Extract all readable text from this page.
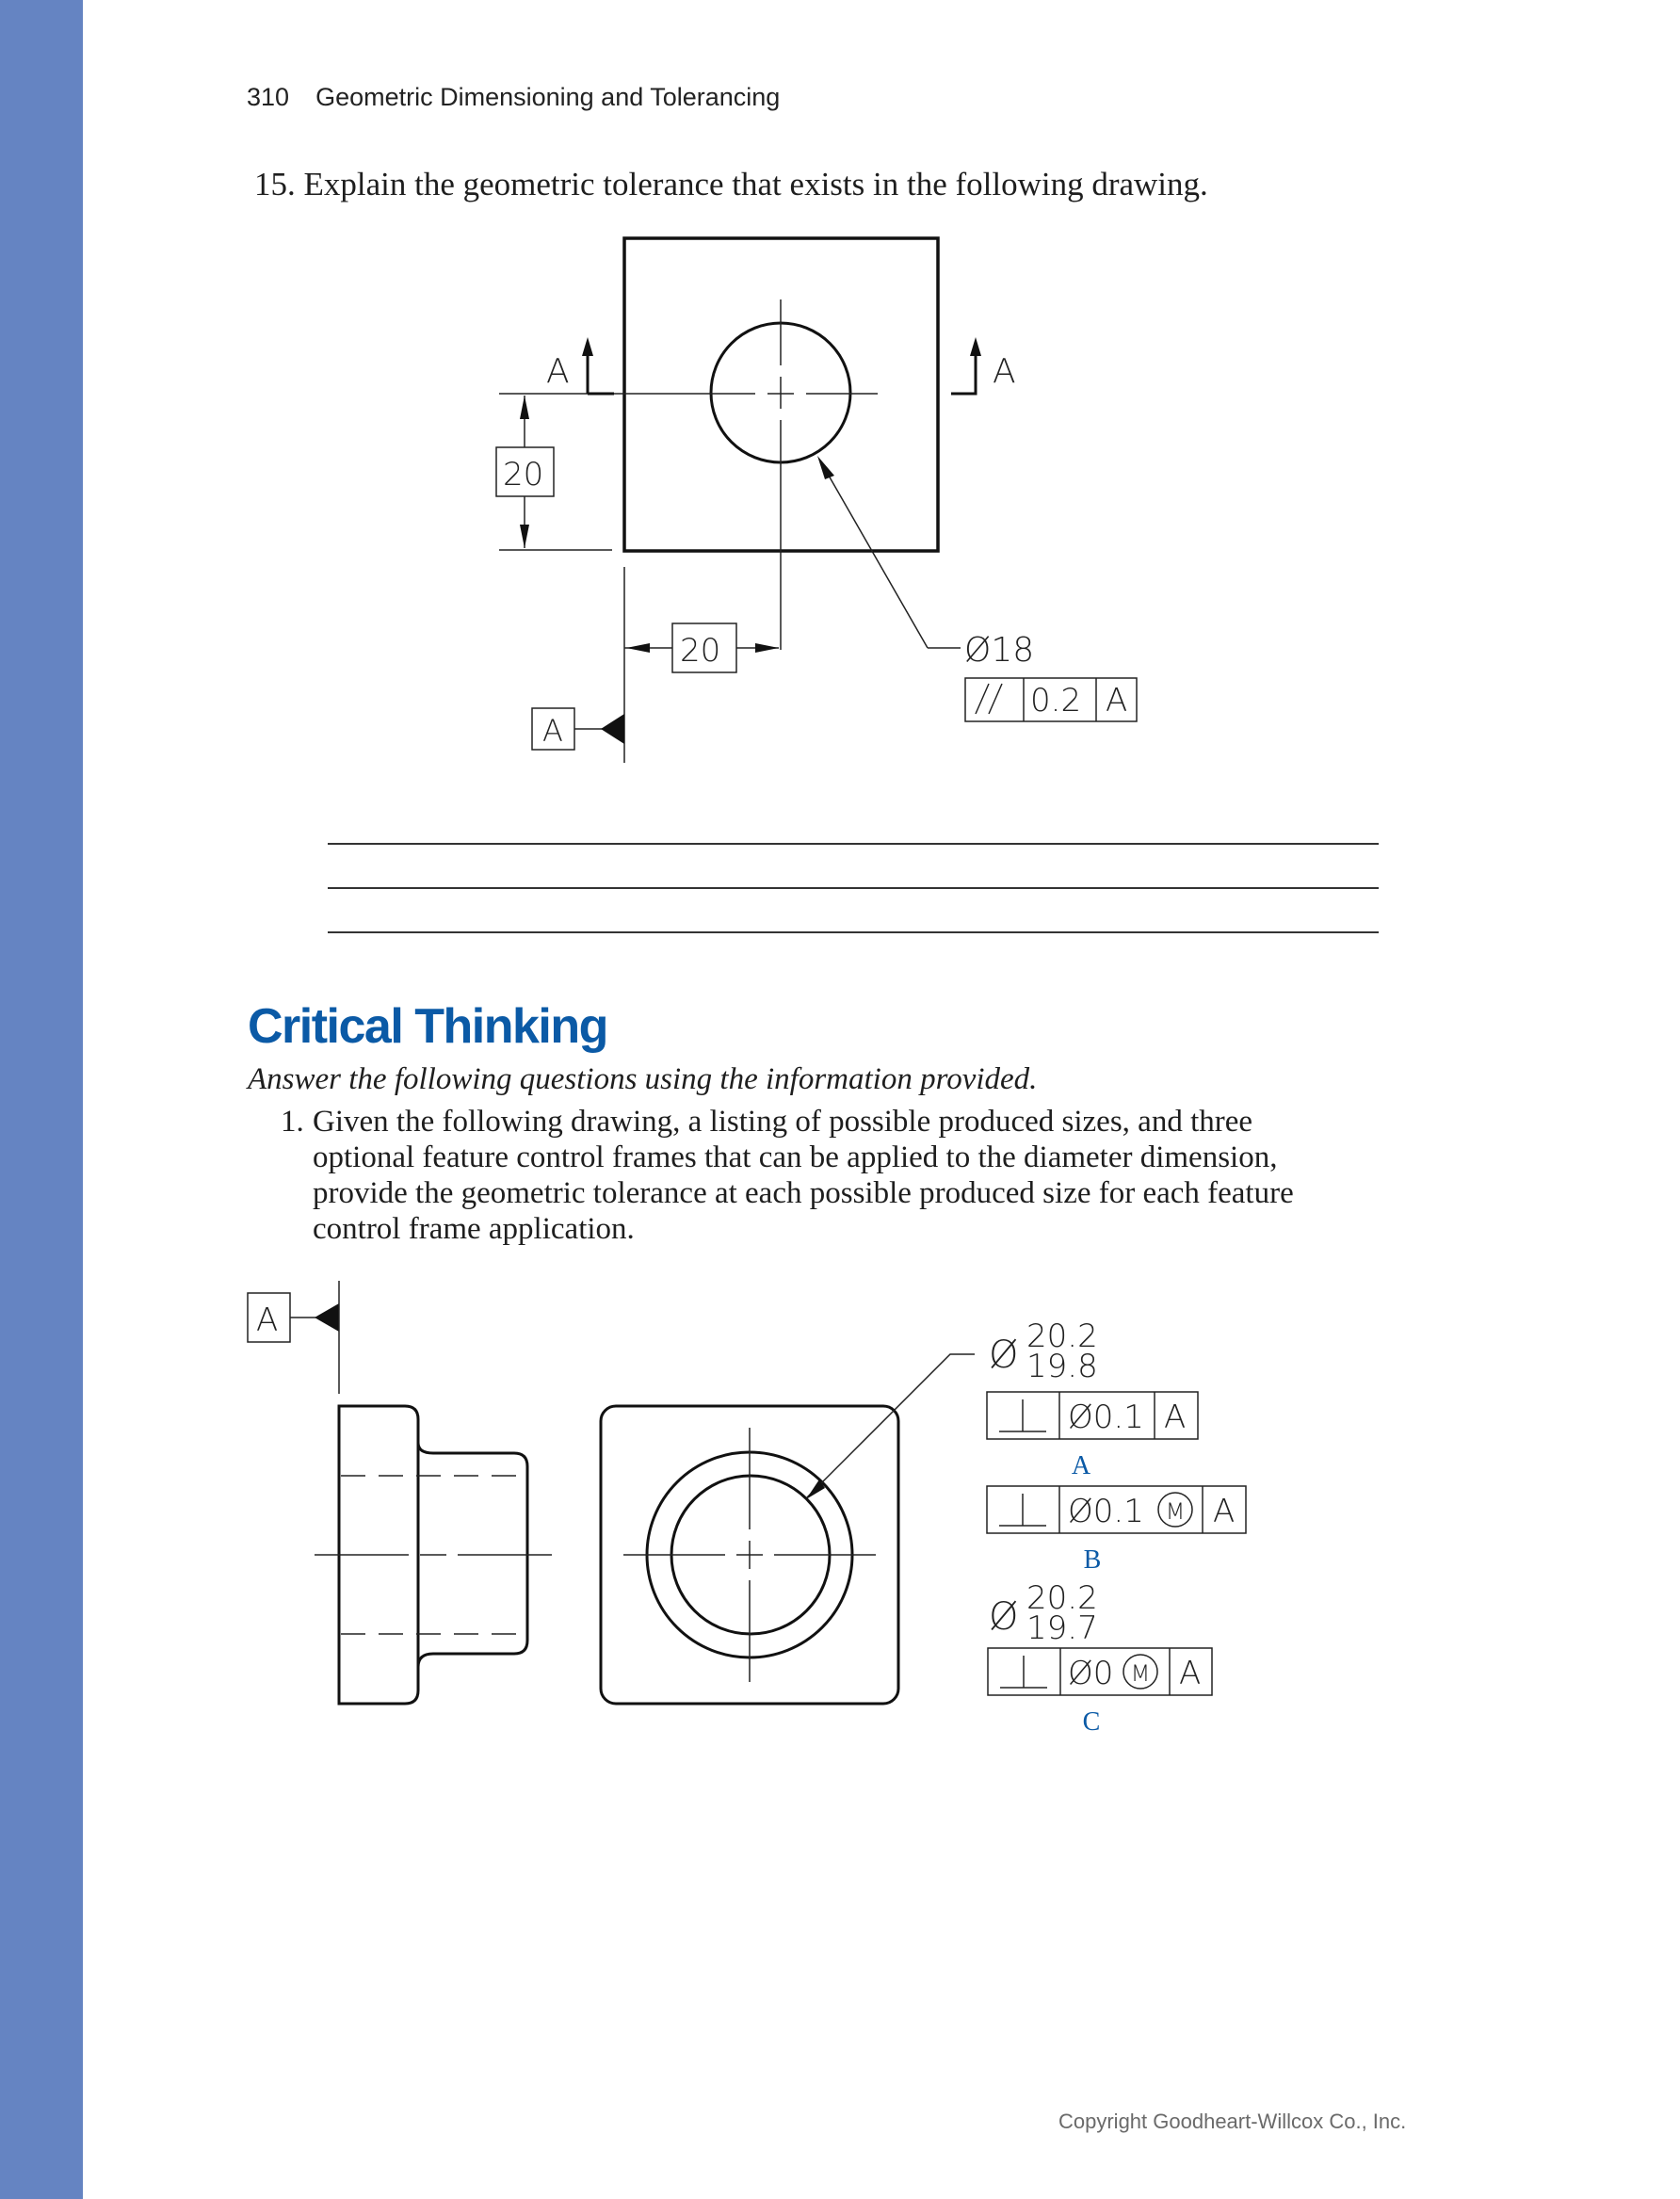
310 Geometric Dimensioning and Tolerancing
15. Explain the geometric tolerance that exists in the following drawing.
A	A
20
20
A
Ø18
0.2 A
Critical Thinking
Answer the following questions using the information provided.
1. Given the following drawing, a listing of possible produced sizes, and three
optional feature control frames that can be applied to the diameter dimension,
provide the geometric tolerance at each possible produced size for each feature
control frame application.
A
Ø 20.2
19.8
Ø0.1 A
A
Ø0.1 M A
B
Ø 20.2
19.7
Ø0 M A
C
Copyright Goodheart-Willcox Co., Inc.
